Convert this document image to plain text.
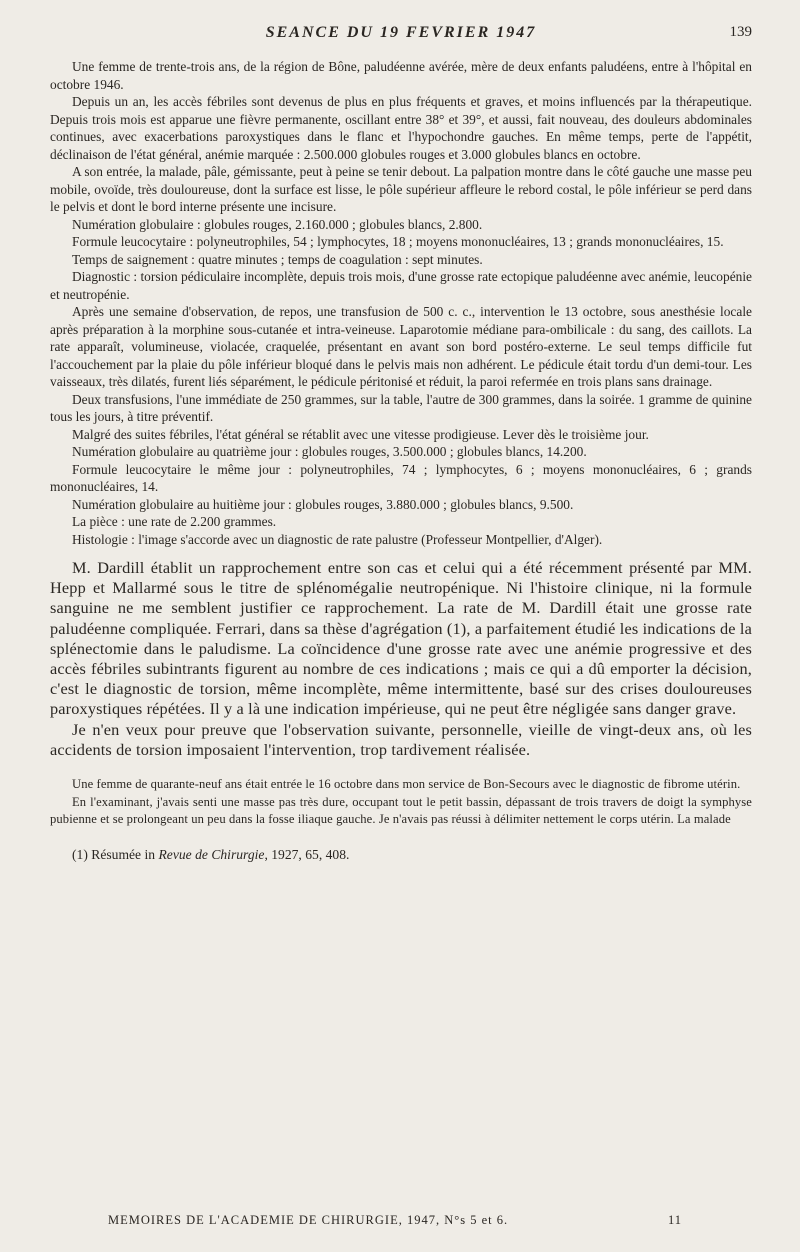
SEANCE DU 19 FEVRIER 1947	139

Une femme de trente-trois ans, de la région de Bône, paludéenne avérée, mère de deux enfants paludéens, entre à l'hôpital en octobre 1946.

Depuis un an, les accès fébriles sont devenus de plus en plus fréquents et graves, et moins influencés par la thérapeutique. Depuis trois mois est apparue une fièvre permanente, oscillant entre 38° et 39°, et aussi, fait nouveau, des douleurs abdominales continues, avec exacerbations paroxystiques dans le flanc et l'hypochondre gauches. En même temps, perte de l'appétit, déclinaison de l'état général, anémie marquée : 2.500.000 globules rouges et 3.000 globules blancs en octobre.

A son entrée, la malade, pâle, gémissante, peut à peine se tenir debout. La palpation montre dans le côté gauche une masse peu mobile, ovoïde, très douloureuse, dont la surface est lisse, le pôle supérieur affleure le rebord costal, le pôle inférieur se perd dans le pelvis et dont le bord interne présente une incisure.

Numération globulaire : globules rouges, 2.160.000 ; globules blancs, 2.800.

Formule leucocytaire : polyneutrophiles, 54 ; lymphocytes, 18 ; moyens mononucléaires, 13 ; grands mononucléaires, 15.

Temps de saignement : quatre minutes ; temps de coagulation : sept minutes.

Diagnostic : torsion pédiculaire incomplète, depuis trois mois, d'une grosse rate ectopique paludéenne avec anémie, leucopénie et neutropénie.

Après une semaine d'observation, de repos, une transfusion de 500 c. c., intervention le 13 octobre, sous anesthésie locale après préparation à la morphine sous-cutanée et intra-veineuse. Laparotomie médiane para-ombilicale : du sang, des caillots. La rate apparaît, volumineuse, violacée, craquelée, présentant en avant son bord postéro-externe. Le seul temps difficile fut l'accouchement par la plaie du pôle inférieur bloqué dans le pelvis mais non adhérent. Le pédicule était tordu d'un demi-tour. Les vaisseaux, très dilatés, furent liés séparément, le pédicule péritonisé et réduit, la paroi refermée en trois plans sans drainage.

Deux transfusions, l'une immédiate de 250 grammes, sur la table, l'autre de 300 grammes, dans la soirée. 1 gramme de quinine tous les jours, à titre préventif.

Malgré des suites fébriles, l'état général se rétablit avec une vitesse prodigieuse. Lever dès le troisième jour.

Numération globulaire au quatrième jour : globules rouges, 3.500.000 ; globules blancs, 14.200.

Formule leucocytaire le même jour : polyneutrophiles, 74 ; lymphocytes, 6 ; moyens mononucléaires, 6 ; grands mononucléaires, 14.

Numération globulaire au huitième jour : globules rouges, 3.880.000 ; globules blancs, 9.500.

La pièce : une rate de 2.200 grammes.

Histologie : l'image s'accorde avec un diagnostic de rate palustre (Professeur Montpellier, d'Alger).

M. Dardill établit un rapprochement entre son cas et celui qui a été récemment présenté par MM. Hepp et Mallarmé sous le titre de splénomégalie neutropénique. Ni l'histoire clinique, ni la formule sanguine ne me semblent justifier ce rapprochement. La rate de M. Dardill était une grosse rate paludéenne compliquée. Ferrari, dans sa thèse d'agrégation (1), a parfaitement étudié les indications de la splénectomie dans le paludisme. La coïncidence d'une grosse rate avec une anémie progressive et des accès fébriles subintrants figurent au nombre de ces indications ; mais ce qui a dû emporter la décision, c'est le diagnostic de torsion, même incomplète, même intermittente, basé sur des crises douloureuses paroxystiques répétées. Il y a là une indication impérieuse, qui ne peut être négligée sans danger grave.

Je n'en veux pour preuve que l'observation suivante, personnelle, vieille de vingt-deux ans, où les accidents de torsion imposaient l'intervention, trop tardivement réalisée.

Une femme de quarante-neuf ans était entrée le 16 octobre dans mon service de Bon-Secours avec le diagnostic de fibrome utérin.

En l'examinant, j'avais senti une masse pas très dure, occupant tout le petit bassin, dépassant de trois travers de doigt la symphyse pubienne et se prolongeant un peu dans la fosse iliaque gauche. Je n'avais pas réussi à délimiter nettement le corps utérin. La malade

(1) Résumée in Revue de Chirurgie, 1927, 65, 408.
MEMOIRES DE L'ACADEMIE DE CHIRURGIE, 1947, N°s 5 et 6.	11
